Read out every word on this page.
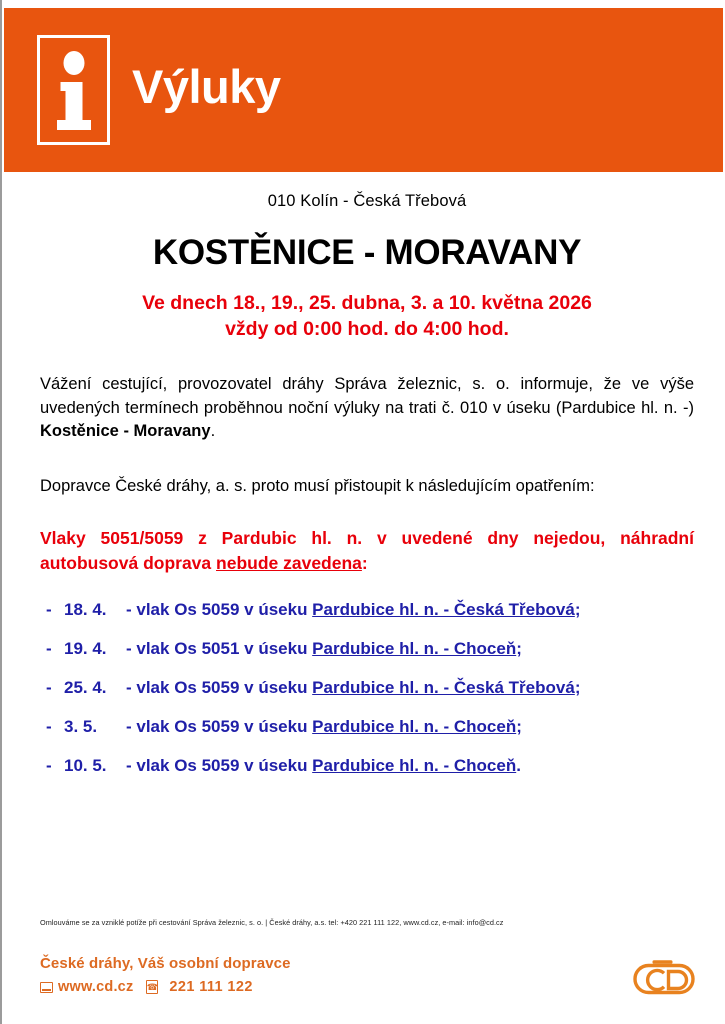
Výluky
010 Kolín - Česká Třebová
KOSTĚNICE - MORAVANY
Ve dnech 18., 19., 25. dubna, 3. a 10. května 2026
vždy od 0:00 hod. do 4:00 hod.

Vážení cestující, provozovatel dráhy Správa železnic, s. o. informuje, že ve výše uvedených termínech proběhnou noční výluky na trati č. 010 v úseku (Pardubice hl. n. -) Kostěnice - Moravany.

Dopravce České dráhy, a. s. proto musí přistoupit k následujícím opatřením:

Vlaky 5051/5059 z Pardubic hl. n. v uvedené dny nejedou, náhradní autobusová doprava nebude zavedena:

- 18. 4.	- vlak Os 5059 v úseku Pardubice hl. n. - Česká Třebová;
- 19. 4.	- vlak Os 5051 v úseku Pardubice hl. n. - Choceň;
- 25. 4.	- vlak Os 5059 v úseku Pardubice hl. n. - Česká Třebová;
- 3. 5.	- vlak Os 5059 v úseku Pardubice hl. n. - Choceň;
- 10. 5.	- vlak Os 5059 v úseku Pardubice hl. n. - Choceň.
Omlouváme se za vzniklé potíže při cestování Správa železnic, s. o. | České dráhy, a.s. tel: +420 221 111 122, www.cd.cz, e-mail: info@cd.cz
České dráhy, Váš osobní dopravce
www.cd.cz ☎ 221 111 122
